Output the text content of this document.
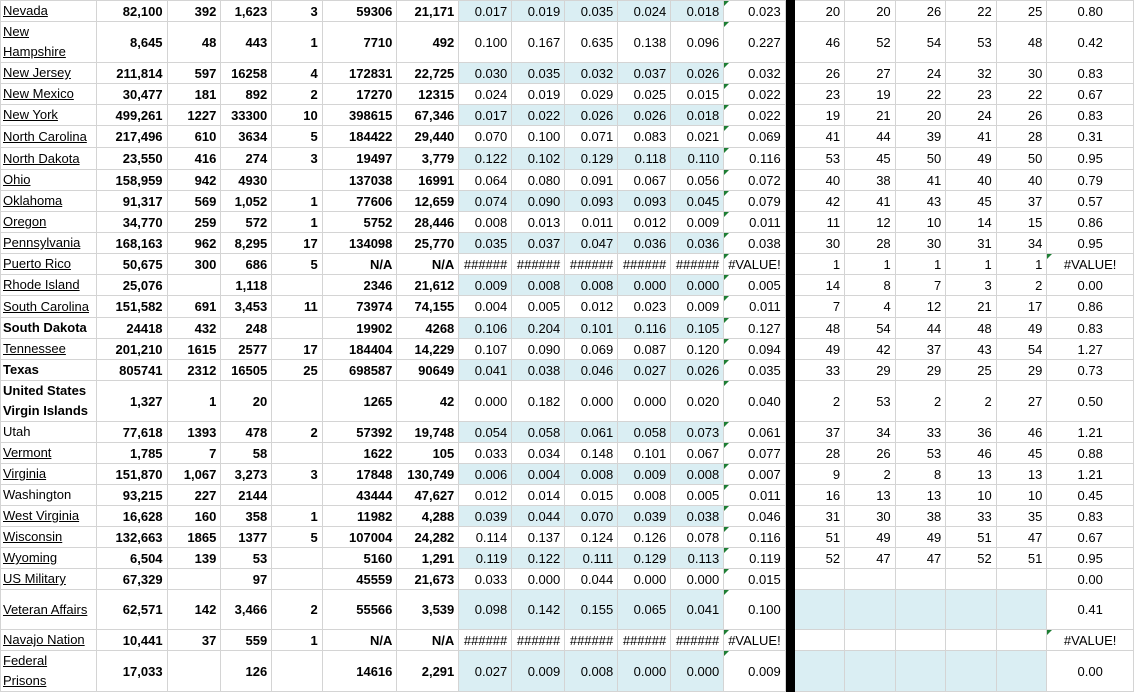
Nevada	82,100	392	1,623	3	59306	21,171	0.017	0.019	0.035	0.024	0.018	0.023		20	20	26	22	25	0.80
New Hampshire	8,645	48	443	1	7710	492	0.100	0.167	0.635	0.138	0.096	0.227		46	52	54	53	48	0.42
New Jersey	211,814	597	16258	4	172831	22,725	0.030	0.035	0.032	0.037	0.026	0.032		26	27	24	32	30	0.83
New Mexico	30,477	181	892	2	17270	12315	0.024	0.019	0.029	0.025	0.015	0.022		23	19	22	23	22	0.67
New York	499,261	1227	33300	10	398615	67,346	0.017	0.022	0.026	0.026	0.018	0.022		19	21	20	24	26	0.83
North Carolina	217,496	610	3634	5	184422	29,440	0.070	0.100	0.071	0.083	0.021	0.069		41	44	39	41	28	0.31
North Dakota	23,550	416	274	3	19497	3,779	0.122	0.102	0.129	0.118	0.110	0.116		53	45	50	49	50	0.95
Ohio	158,959	942	4930		137038	16991	0.064	0.080	0.091	0.067	0.056	0.072		40	38	41	40	40	0.79
Oklahoma	91,317	569	1,052	1	77606	12,659	0.074	0.090	0.093	0.093	0.045	0.079		42	41	43	45	37	0.57
Oregon	34,770	259	572	1	5752	28,446	0.008	0.013	0.011	0.012	0.009	0.011		11	12	10	14	15	0.86
Pennsylvania	168,163	962	8,295	17	134098	25,770	0.035	0.037	0.047	0.036	0.036	0.038		30	28	30	31	34	0.95
Puerto Rico	50,675	300	686	5	N/A	N/A	######	######	######	######	######	#VALUE!		1	1	1	1	1	#VALUE!
Rhode Island	25,076		1,118		2346	21,612	0.009	0.008	0.008	0.000	0.000	0.005		14	8	7	3	2	0.00
South Carolina	151,582	691	3,453	11	73974	74,155	0.004	0.005	0.012	0.023	0.009	0.011		7	4	12	21	17	0.86
South Dakota	24418	432	248		19902	4268	0.106	0.204	0.101	0.116	0.105	0.127		48	54	44	48	49	0.83
Tennessee	201,210	1615	2577	17	184404	14,229	0.107	0.090	0.069	0.087	0.120	0.094		49	42	37	43	54	1.27
Texas	805741	2312	16505	25	698587	90649	0.041	0.038	0.046	0.027	0.026	0.035		33	29	29	25	29	0.73
United States Virgin Islands	1,327	1	20		1265	42	0.000	0.182	0.000	0.000	0.020	0.040		2	53	2	2	27	0.50
Utah	77,618	1393	478	2	57392	19,748	0.054	0.058	0.061	0.058	0.073	0.061		37	34	33	36	46	1.21
Vermont	1,785	7	58		1622	105	0.033	0.034	0.148	0.101	0.067	0.077		28	26	53	46	45	0.88
Virginia	151,870	1,067	3,273	3	17848	130,749	0.006	0.004	0.008	0.009	0.008	0.007		9	2	8	13	13	1.21
Washington	93,215	227	2144		43444	47,627	0.012	0.014	0.015	0.008	0.005	0.011		16	13	13	10	10	0.45
West Virginia	16,628	160	358	1	11982	4,288	0.039	0.044	0.070	0.039	0.038	0.046		31	30	38	33	35	0.83
Wisconsin	132,663	1865	1377	5	107004	24,282	0.114	0.137	0.124	0.126	0.078	0.116		51	49	49	51	47	0.67
Wyoming	6,504	139	53		5160	1,291	0.119	0.122	0.111	0.129	0.113	0.119		52	47	47	52	51	0.95
US Military	67,329		97		45559	21,673	0.033	0.000	0.044	0.000	0.000	0.015							0.00
Veteran Affairs	62,571	142	3,466	2	55566	3,539	0.098	0.142	0.155	0.065	0.041	0.100							0.41
Navajo Nation	10,441	37	559	1	N/A	N/A	######	######	######	######	######	#VALUE!							#VALUE!
Federal Prisons	17,033		126		14616	2,291	0.027	0.009	0.008	0.000	0.000	0.009							0.00
